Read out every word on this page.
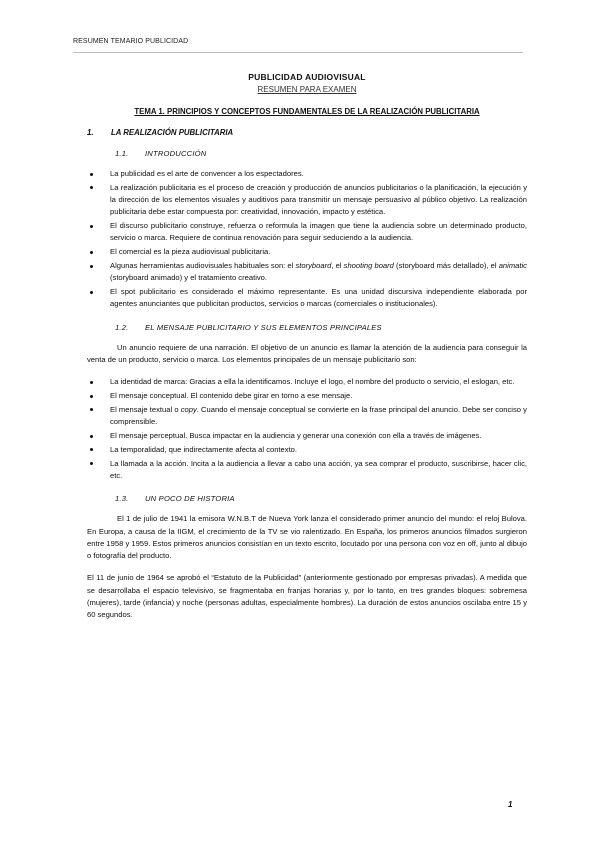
RESUMEN TEMARIO PUBLICIDAD

PUBLICIDAD AUDIOVISUAL

RESUMEN PARA EXAMEN

TEMA 1. PRINCIPIOS Y CONCEPTOS FUNDAMENTALES DE LA REALIZACIÓN PUBLICITARIA

1. LA REALIZACIÓN PUBLICITARIA
1.1. INTRODUCCIÓN
La publicidad es el arte de convencer a los espectadores.
La realización publicitaria es el proceso de creación y producción de anuncios publicitarios o la planificación, la ejecución y la dirección de los elementos visuales y auditivos para transmitir un mensaje persuasivo al público objetivo. La realización publicitaria debe estar compuesta por: creatividad, innovación, impacto y estética.
El discurso publicitario construye, refuerza o reformula la imagen que tiene la audiencia sobre un determinado producto, servicio o marca. Requiere de continua renovación para seguir seduciendo a la audiencia.
El comercial es la pieza audiovisual publicitaria.
Algunas herramientas audiovisuales habituales son: el storyboard, el shooting board (storyboard más detallado), el animatic (storyboard animado) y el tratamiento creativo.
El spot publicitario es considerado el máximo representante. Es una unidad discursiva independiente elaborada por agentes anunciantes que publicitan productos, servicios o marcas (comerciales o institucionales).
1.2. EL MENSAJE PUBLICITARIO Y SUS ELEMENTOS PRINCIPALES

Un anuncio requiere de una narración. El objetivo de un anuncio es llamar la atención de la audiencia para conseguir la venta de un producto, servicio o marca. Los elementos principales de un mensaje publicitario son:

La identidad de marca: Gracias a ella la identificamos. Incluye el logo, el nombre del producto o servicio, el eslogan, etc.
El mensaje conceptual. El contenido debe girar en torno a ese mensaje.
El mensaje textual o copy. Cuando el mensaje conceptual se convierte en la frase principal del anuncio. Debe ser conciso y comprensible.
El mensaje perceptual. Busca impactar en la audiencia y generar una conexión con ella a través de imágenes.
La temporalidad, que indirectamente afecta al contexto.
La llamada a la acción. Incita a la audiencia a llevar a cabo una acción, ya sea comprar el producto, suscribirse, hacer clic, etc.
1.3. UN POCO DE HISTORIA

El 1 de julio de 1941 la emisora W.N.B.T de Nueva York lanza el considerado primer anuncio del mundo: el reloj Bulova. En Europa, a causa de la IIGM, el crecimiento de la TV se vio ralentizado. En España, los primeros anuncios filmados surgieron entre 1958 y 1959. Estos primeros anuncios consistían en un texto escrito, locutado por una persona con voz en off, junto al dibujo o fotografía del producto.

El 11 de junio de 1964 se aprobó el “Estatuto de la Publicidad” (anteriormente gestionado por empresas privadas). A medida que se desarrollaba el espacio televisivo, se fragmentaba en franjas horarias y, por lo tanto, en tres grandes bloques: sobremesa (mujeres), tarde (infancia) y noche (personas adultas, especialmente hombres). La duración de estos anuncios oscilaba entre 15 y 60 segundos.

1
